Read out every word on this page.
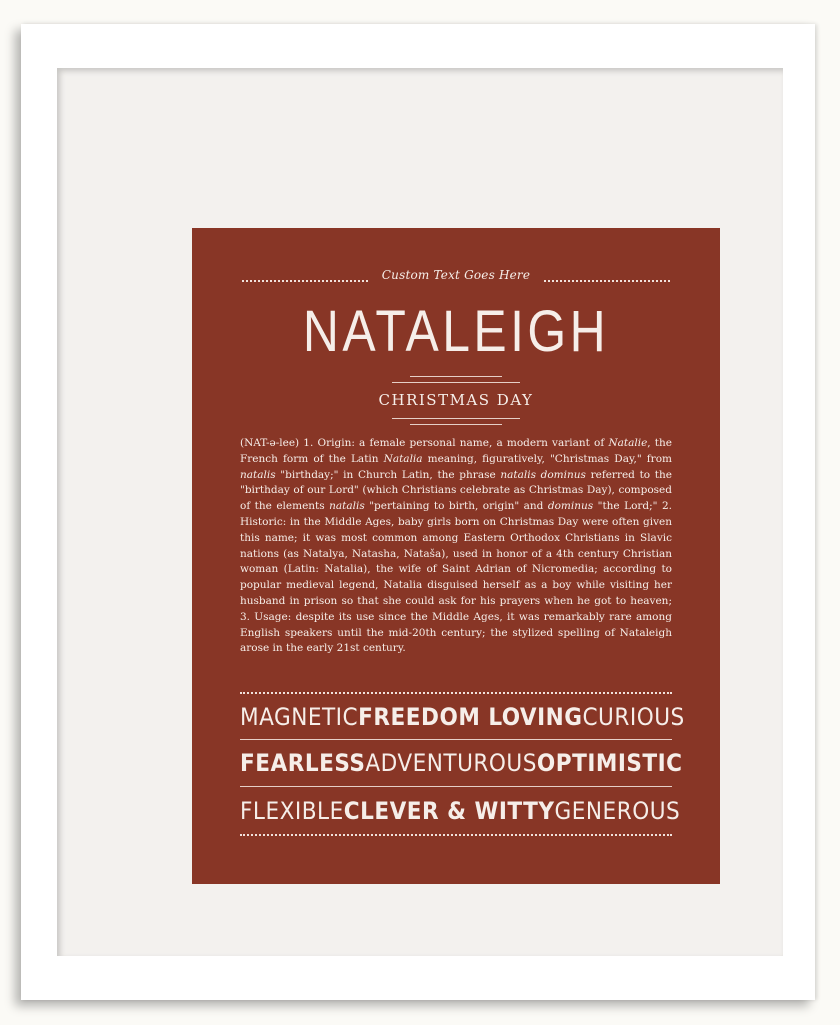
Custom Text Goes Here
NATALEIGH
CHRISTMAS DAY
(NAT-ə-lee) 1. Origin: a female personal name, a modern variant of Natalie, the French form of the Latin Natalia meaning, figuratively, "Christmas Day," from natalis "birthday;" in Church Latin, the phrase natalis dominus referred to the "birthday of our Lord" (which Christians celebrate as Christmas Day), composed of the elements natalis "pertaining to birth, origin" and dominus "the Lord;" 2. Historic: in the Middle Ages, baby girls born on Christmas Day were often given this name; it was most common among Eastern Orthodox Christians in Slavic nations (as Natalya, Natasha, Nataša), used in honor of a 4th century Christian woman (Latin: Natalia), the wife of Saint Adrian of Nicromedia; according to popular medieval legend, Natalia disguised herself as a boy while visiting her husband in prison so that she could ask for his prayers when he got to heaven; 3. Usage: despite its use since the Middle Ages, it was remarkably rare among English speakers until the mid-20th century; the stylized spelling of Nataleigh arose in the early 21st century.
MAGNETIC FREEDOM LOVING CURIOUS
FEARLESS ADVENTUROUS OPTIMISTIC
FLEXIBLE CLEVER & WITTY GENEROUS
